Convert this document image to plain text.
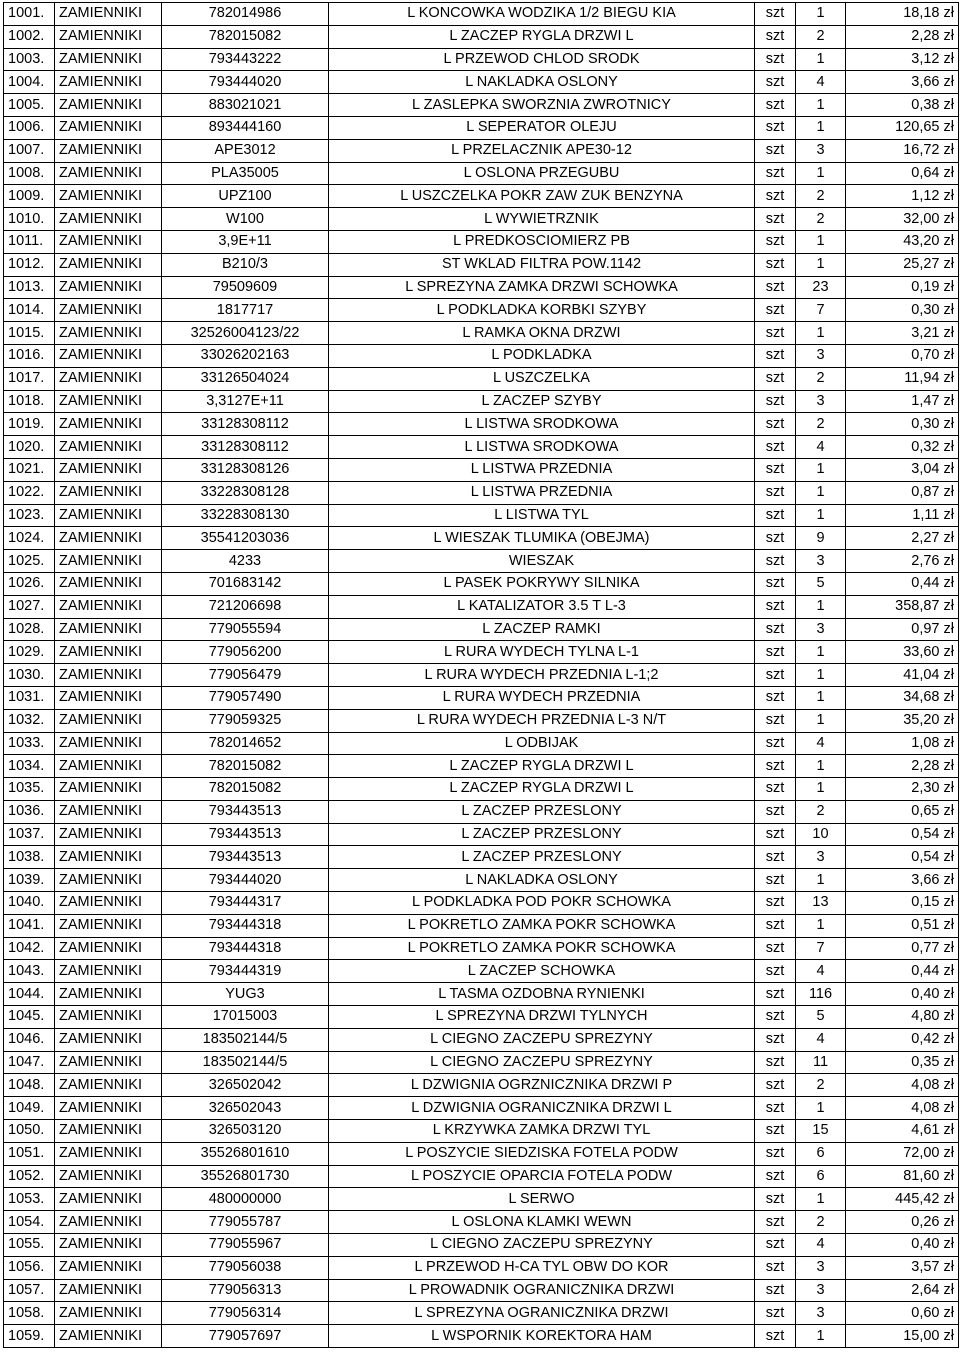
1001.	ZAMIENNIKI	782014986	L KONCOWKA WODZIKA 1/2 BIEGU KIA	szt	1	18,18 zł
1002.	ZAMIENNIKI	782015082	L ZACZEP RYGLA DRZWI L	szt	2	2,28 zł
1003.	ZAMIENNIKI	793443222	L PRZEWOD CHLOD SRODK	szt	1	3,12 zł
1004.	ZAMIENNIKI	793444020	L NAKLADKA OSLONY	szt	4	3,66 zł
1005.	ZAMIENNIKI	883021021	L ZASLEPKA SWORZNIA ZWROTNICY	szt	1	0,38 zł
1006.	ZAMIENNIKI	893444160	L SEPERATOR OLEJU	szt	1	120,65 zł
1007.	ZAMIENNIKI	APE3012	L PRZELACZNIK APE30-12	szt	3	16,72 zł
1008.	ZAMIENNIKI	PLA35005	L OSLONA PRZEGUBU	szt	1	0,64 zł
1009.	ZAMIENNIKI	UPZ100	L USZCZELKA POKR ZAW ZUK BENZYNA	szt	2	1,12 zł
1010.	ZAMIENNIKI	W100	L WYWIETRZNIK	szt	2	32,00 zł
1011.	ZAMIENNIKI	3,9E+11	L PREDKOSCIOMIERZ PB	szt	1	43,20 zł
1012.	ZAMIENNIKI	B210/3	ST WKLAD FILTRA POW.1142	szt	1	25,27 zł
1013.	ZAMIENNIKI	79509609	L SPREZYNA ZAMKA DRZWI SCHOWKA	szt	23	0,19 zł
1014.	ZAMIENNIKI	1817717	L PODKLADKA KORBKI SZYBY	szt	7	0,30 zł
1015.	ZAMIENNIKI	32526004123/22	L RAMKA OKNA DRZWI	szt	1	3,21 zł
1016.	ZAMIENNIKI	33026202163	L PODKLADKA	szt	3	0,70 zł
1017.	ZAMIENNIKI	33126504024	L USZCZELKA	szt	2	11,94 zł
1018.	ZAMIENNIKI	3,3127E+11	L ZACZEP SZYBY	szt	3	1,47 zł
1019.	ZAMIENNIKI	33128308112	L LISTWA SRODKOWA	szt	2	0,30 zł
1020.	ZAMIENNIKI	33128308112	L LISTWA SRODKOWA	szt	4	0,32 zł
1021.	ZAMIENNIKI	33128308126	L LISTWA PRZEDNIA	szt	1	3,04 zł
1022.	ZAMIENNIKI	33228308128	L LISTWA PRZEDNIA	szt	1	0,87 zł
1023.	ZAMIENNIKI	33228308130	L LISTWA TYL	szt	1	1,11 zł
1024.	ZAMIENNIKI	35541203036	L WIESZAK TLUMIKA (OBEJMA)	szt	9	2,27 zł
1025.	ZAMIENNIKI	4233	WIESZAK	szt	3	2,76 zł
1026.	ZAMIENNIKI	701683142	L PASEK POKRYWY SILNIKA	szt	5	0,44 zł
1027.	ZAMIENNIKI	721206698	L KATALIZATOR 3.5 T L-3	szt	1	358,87 zł
1028.	ZAMIENNIKI	779055594	L ZACZEP RAMKI	szt	3	0,97 zł
1029.	ZAMIENNIKI	779056200	L RURA WYDECH TYLNA L-1	szt	1	33,60 zł
1030.	ZAMIENNIKI	779056479	L RURA WYDECH PRZEDNIA L-1;2	szt	1	41,04 zł
1031.	ZAMIENNIKI	779057490	L RURA WYDECH PRZEDNIA	szt	1	34,68 zł
1032.	ZAMIENNIKI	779059325	L RURA WYDECH PRZEDNIA L-3 N/T	szt	1	35,20 zł
1033.	ZAMIENNIKI	782014652	L ODBIJAK	szt	4	1,08 zł
1034.	ZAMIENNIKI	782015082	L ZACZEP RYGLA DRZWI L	szt	1	2,28 zł
1035.	ZAMIENNIKI	782015082	L ZACZEP RYGLA DRZWI L	szt	1	2,30 zł
1036.	ZAMIENNIKI	793443513	L ZACZEP PRZESLONY	szt	2	0,65 zł
1037.	ZAMIENNIKI	793443513	L ZACZEP PRZESLONY	szt	10	0,54 zł
1038.	ZAMIENNIKI	793443513	L ZACZEP PRZESLONY	szt	3	0,54 zł
1039.	ZAMIENNIKI	793444020	L NAKLADKA OSLONY	szt	1	3,66 zł
1040.	ZAMIENNIKI	793444317	L PODKLADKA POD POKR SCHOWKA	szt	13	0,15 zł
1041.	ZAMIENNIKI	793444318	L POKRETLO ZAMKA POKR SCHOWKA	szt	1	0,51 zł
1042.	ZAMIENNIKI	793444318	L POKRETLO ZAMKA POKR SCHOWKA	szt	7	0,77 zł
1043.	ZAMIENNIKI	793444319	L ZACZEP SCHOWKA	szt	4	0,44 zł
1044.	ZAMIENNIKI	YUG3	L TASMA OZDOBNA RYNIENKI	szt	116	0,40 zł
1045.	ZAMIENNIKI	17015003	L SPREZYNA DRZWI TYLNYCH	szt	5	4,80 zł
1046.	ZAMIENNIKI	183502144/5	L CIEGNO ZACZEPU SPREZYNY	szt	4	0,42 zł
1047.	ZAMIENNIKI	183502144/5	L CIEGNO ZACZEPU SPREZYNY	szt	11	0,35 zł
1048.	ZAMIENNIKI	326502042	L DZWIGNIA OGRZNICZNIKA DRZWI P	szt	2	4,08 zł
1049.	ZAMIENNIKI	326502043	L DZWIGNIA OGRANICZNIKA DRZWI L	szt	1	4,08 zł
1050.	ZAMIENNIKI	326503120	L KRZYWKA ZAMKA DRZWI TYL	szt	15	4,61 zł
1051.	ZAMIENNIKI	35526801610	L POSZYCIE SIEDZISKA FOTELA PODW	szt	6	72,00 zł
1052.	ZAMIENNIKI	35526801730	L POSZYCIE OPARCIA FOTELA PODW	szt	6	81,60 zł
1053.	ZAMIENNIKI	480000000	L SERWO	szt	1	445,42 zł
1054.	ZAMIENNIKI	779055787	L OSLONA KLAMKI WEWN	szt	2	0,26 zł
1055.	ZAMIENNIKI	779055967	L CIEGNO ZACZEPU SPREZYNY	szt	4	0,40 zł
1056.	ZAMIENNIKI	779056038	L PRZEWOD H-CA TYL OBW DO KOR	szt	3	3,57 zł
1057.	ZAMIENNIKI	779056313	L PROWADNIK OGRANICZNIKA DRZWI	szt	3	2,64 zł
1058.	ZAMIENNIKI	779056314	L SPREZYNA OGRANICZNIKA DRZWI	szt	3	0,60 zł
1059.	ZAMIENNIKI	779057697	L WSPORNIK KOREKTORA HAM	szt	1	15,00 zł
